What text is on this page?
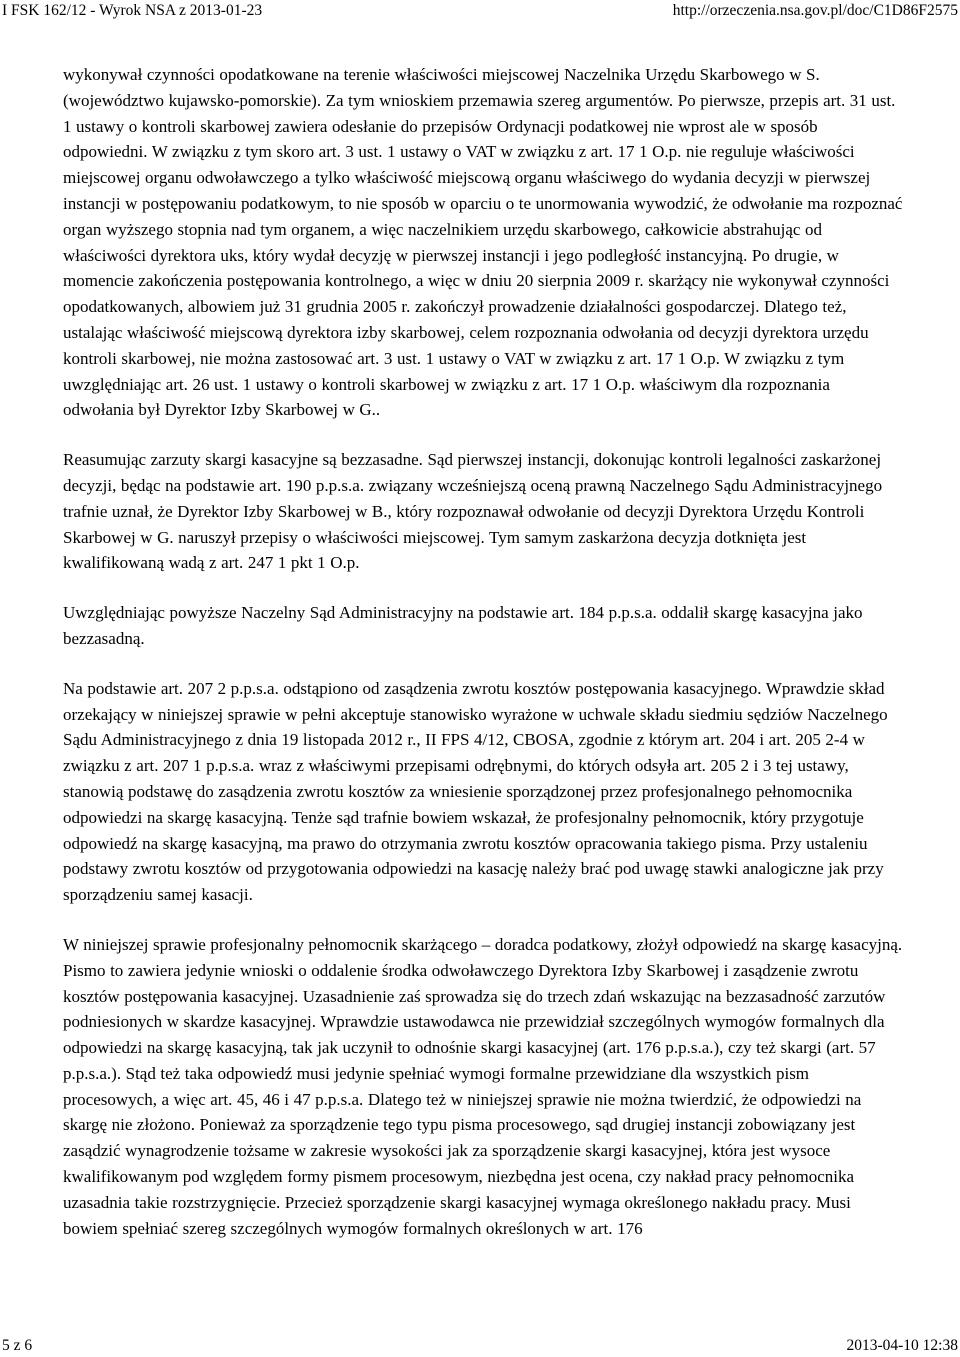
I FSK 162/12 - Wyrok NSA z 2013-01-23	http://orzeczenia.nsa.gov.pl/doc/C1D86F2575

wykonywał czynności opodatkowane na terenie właściwości miejscowej Naczelnika Urzędu Skarbowego w S. (województwo kujawsko-pomorskie). Za tym wnioskiem przemawia szereg argumentów. Po pierwsze, przepis art. 31 ust. 1 ustawy o kontroli skarbowej zawiera odesłanie do przepisów Ordynacji podatkowej nie wprost ale w sposób odpowiedni. W związku z tym skoro art. 3 ust. 1 ustawy o VAT w związku z art. 17 1 O.p. nie reguluje właściwości miejscowej organu odwoławczego a tylko właściwość miejscową organu właściwego do wydania decyzji w pierwszej instancji w postępowaniu podatkowym, to nie sposób w oparciu o te unormowania wywodzić, że odwołanie ma rozpoznać organ wyższego stopnia nad tym organem, a więc naczelnikiem urzędu skarbowego, całkowicie abstrahując od właściwości dyrektora uks, który wydał decyzję w pierwszej instancji i jego podległość instancyjną. Po drugie, w momencie zakończenia postępowania kontrolnego, a więc w dniu 20 sierpnia 2009 r. skarżący nie wykonywał czynności opodatkowanych, albowiem już 31 grudnia 2005 r. zakończył prowadzenie działalności gospodarczej. Dlatego też, ustalając właściwość miejscową dyrektora izby skarbowej, celem rozpoznania odwołania od decyzji dyrektora urzędu kontroli skarbowej, nie można zastosować art. 3 ust. 1 ustawy o VAT w związku z art. 17 1 O.p. W związku z tym uwzględniając art. 26 ust. 1 ustawy o kontroli skarbowej w związku z art. 17 1 O.p. właściwym dla rozpoznania odwołania był Dyrektor Izby Skarbowej w G..

Reasumując zarzuty skargi kasacyjne są bezzasadne. Sąd pierwszej instancji, dokonując kontroli legalności zaskarżonej decyzji, będąc na podstawie art. 190 p.p.s.a. związany wcześniejszą oceną prawną Naczelnego Sądu Administracyjnego trafnie uznał, że Dyrektor Izby Skarbowej w B., który rozpoznawał odwołanie od decyzji Dyrektora Urzędu Kontroli Skarbowej w G. naruszył przepisy o właściwości miejscowej. Tym samym zaskarżona decyzja dotknięta jest kwalifikowaną wadą z art. 247 1 pkt 1 O.p.

Uwzględniając powyższe Naczelny Sąd Administracyjny na podstawie art. 184 p.p.s.a. oddalił skargę kasacyjna jako bezzasadną.

Na podstawie art. 207 2 p.p.s.a. odstąpiono od zasądzenia zwrotu kosztów postępowania kasacyjnego. Wprawdzie skład orzekający w niniejszej sprawie w pełni akceptuje stanowisko wyrażone w uchwale składu siedmiu sędziów Naczelnego Sądu Administracyjnego z dnia 19 listopada 2012 r., II FPS 4/12, CBOSA, zgodnie z którym art. 204 i art. 205 2-4 w związku z art. 207 1 p.p.s.a. wraz z właściwymi przepisami odrębnymi, do których odsyła art. 205 2 i 3 tej ustawy, stanowią podstawę do zasądzenia zwrotu kosztów za wniesienie sporządzonej przez profesjonalnego pełnomocnika odpowiedzi na skargę kasacyjną. Tenże sąd trafnie bowiem wskazał, że profesjonalny pełnomocnik, który przygotuje odpowiedź na skargę kasacyjną, ma prawo do otrzymania zwrotu kosztów opracowania takiego pisma. Przy ustaleniu podstawy zwrotu kosztów od przygotowania odpowiedzi na kasację należy brać pod uwagę stawki analogiczne jak przy sporządzeniu samej kasacji.

W niniejszej sprawie profesjonalny pełnomocnik skarżącego – doradca podatkowy, złożył odpowiedź na skargę kasacyjną. Pismo to zawiera jedynie wnioski o oddalenie środka odwoławczego Dyrektora Izby Skarbowej i zasądzenie zwrotu kosztów postępowania kasacyjnej. Uzasadnienie zaś sprowadza się do trzech zdań wskazując na bezzasadność zarzutów podniesionych w skardze kasacyjnej. Wprawdzie ustawodawca nie przewidział szczególnych wymogów formalnych dla odpowiedzi na skargę kasacyjną, tak jak uczynił to odnośnie skargi kasacyjnej (art. 176 p.p.s.a.), czy też skargi (art. 57 p.p.s.a.). Stąd też taka odpowiedź musi jedynie spełniać wymogi formalne przewidziane dla wszystkich pism procesowych, a więc art. 45, 46 i 47 p.p.s.a. Dlatego też w niniejszej sprawie nie można twierdzić, że odpowiedzi na skargę nie złożono. Ponieważ za sporządzenie tego typu pisma procesowego, sąd drugiej instancji zobowiązany jest zasądzić wynagrodzenie tożsame w zakresie wysokości jak za sporządzenie skargi kasacyjnej, która jest wysoce kwalifikowanym pod względem formy pismem procesowym, niezbędna jest ocena, czy nakład pracy pełnomocnika uzasadnia takie rozstrzygnięcie. Przecież sporządzenie skargi kasacyjnej wymaga określonego nakładu pracy. Musi bowiem spełniać szereg szczególnych wymogów formalnych określonych w art. 176

5 z 6	2013-04-10 12:38
